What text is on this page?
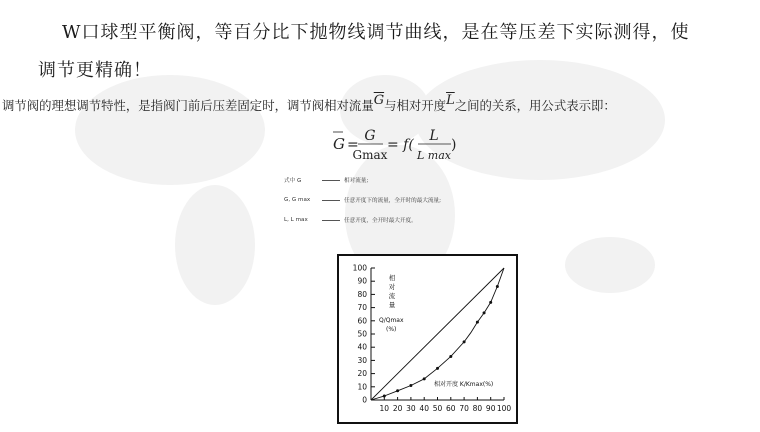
W口球型平衡阀，等百分比下抛物线调节曲线，是在等压差下实际测得，使
调节更精确！
调节阀的理想调节特性，是指阀门前后压差固定时，调节阀相对流量$\overline{G}$与相对开度$\overline{L}$之间的关系，用公式表示即：
G =
G
Gmax
= f(
L
L max
)
式中 G	相对流量;
G, G max	任意开度下的流量，全开时的最大流量;
L, L max	任意开度，全开时最大开度。
0
10
20
30
40
50
60
70
80
90
100
10 20 30 40 50 60 70 80 90 100
相对流量
Q/Qmax
(%)
相对开度 K/Kmax(%)
